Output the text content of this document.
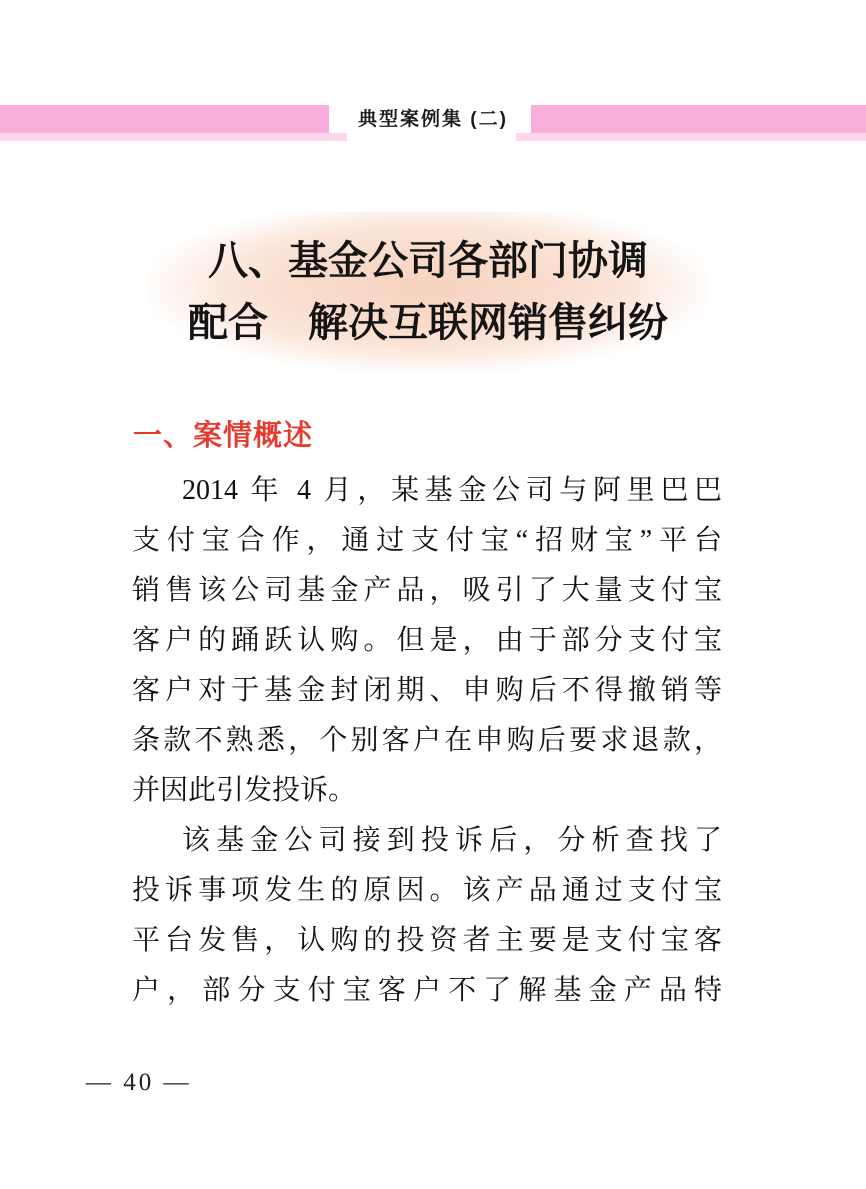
典型案例集 (二)
八、基金公司各部门协调
配合　解决互联网销售纠纷
一、案情概述
2014 年 4 月，某基金公司与阿里巴巴
支付宝合作，通过支付宝“招财宝”平台
销售该公司基金产品，吸引了大量支付宝
客户的踊跃认购。但是，由于部分支付宝
客户对于基金封闭期、申购后不得撤销等
条款不熟悉，个别客户在申购后要求退款，
并因此引发投诉。
该基金公司接到投诉后，分析查找了
投诉事项发生的原因。该产品通过支付宝
平台发售，认购的投资者主要是支付宝客
户，部分支付宝客户不了解基金产品特
— 40 —
